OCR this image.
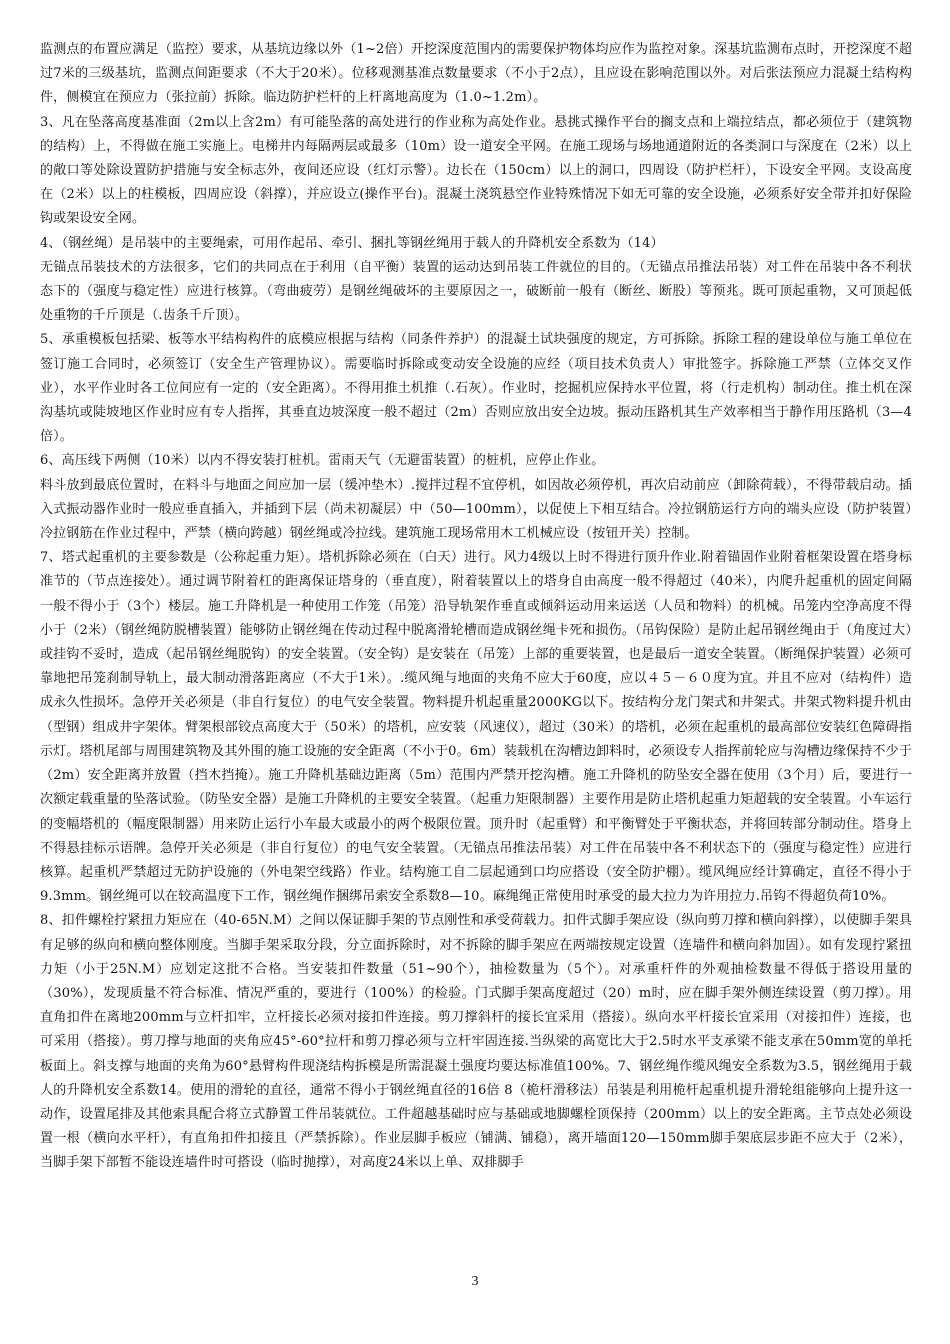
监测点的布置应满足（监控）要求，从基坑边缘以外（1~2倍）开挖深度范围内的需要保护物体均应作为监控对象。深基坑监测布点时，开挖深度不超过7米的三级基坑，监测点间距要求（不大于20米）。位移观测基准点数量要求（不小于2点），且应设在影响范围以外。对后张法预应力混凝土结构构件，侧模宜在预应力（张拉前）拆除。临边防护栏杆的上杆离地高度为（1.0~1.2m）。

3、凡在坠落高度基准面（2m以上含2m）有可能坠落的高处进行的作业称为高处作业。悬挑式操作平台的搁支点和上端拉结点，都必须位于（建筑物的结构）上，不得做在施工实施上。电梯井内每隔两层或最多（10m）设一道安全平网。在施工现场与场地通道附近的各类洞口与深度在（2米）以上的敞口等处除设置防护措施与安全标志外，夜间还应设（红灯示警）。边长在（150cm）以上的洞口，四周设（防护栏杆），下设安全平网。支设高度在（2米）以上的柱模板，四周应设（斜撑），并应设立(操作平台)。混凝土浇筑悬空作业特殊情况下如无可靠的安全设施，必须系好安全带并扣好保险钩或架设安全网。

4、（钢丝绳）是吊装中的主要绳索，可用作起吊、牵引、捆扎等钢丝绳用于载人的升降机安全系数为（14）

无锚点吊装技术的方法很多，它们的共同点在于利用（自平衡）装置的运动达到吊装工件就位的目的。（无锚点吊推法吊装）对工件在吊装中各不利状态下的（强度与稳定性）应进行核算。（弯曲疲劳）是钢丝绳破坏的主要原因之一，破断前一般有（断丝、断股）等预兆。既可顶起重物，又可顶起低处重物的千斤顶是（.齿条千斤顶）。

5、承重模板包括梁、板等水平结构构件的底模应根据与结构（同条件养护）的混凝土试块强度的规定，方可拆除。拆除工程的建设单位与施工单位在签订施工合同时，必须签订（安全生产管理协议）。需要临时拆除或变动安全设施的应经（项目技术负责人）审批签字。拆除施工严禁（立体交叉作业），水平作业时各工位间应有一定的（安全距离）。不得用推土机推（.石灰）。作业时，挖掘机应保持水平位置，将（行走机构）制动住。推土机在深沟基坑或陡坡地区作业时应有专人指挥，其垂直边坡深度一般不超过（2m）否则应放出安全边坡。振动压路机其生产效率相当于静作用压路机（3—4倍）。

6、高压线下两侧（10米）以内不得安装打桩机。雷雨天气（无避雷装置）的桩机，应停止作业。

料斗放到最底位置时，在料斗与地面之间应加一层（缓冲垫木）.搅拌过程不宜停机，如因故必须停机，再次启动前应（卸除荷载），不得带载启动。插入式振动器作业时一般应垂直插入，并插到下层（尚未初凝层）中（50—100mm），以促使上下相互结合。冷拉钢筋运行方向的端头应设（防护装置）冷拉钢筋在作业过程中，严禁（横向跨越）钢丝绳或冷拉线。建筑施工现场常用木工机械应设（按钮开关）控制。

7、塔式起重机的主要参数是（公称起重力矩）。塔机拆除必须在（白天）进行。风力4级以上时不得进行顶升作业.附着锚固作业附着框架设置在塔身标准节的（节点连接处）。通过调节附着杠的距离保证塔身的（垂直度），附着装置以上的塔身自由高度一般不得超过（40米），内爬升起重机的固定间隔一般不得小于（3个）楼层。施工升降机是一种使用工作笼（吊笼）沿导轨架作垂直或倾斜运动用来运送（人员和物料）的机械。吊笼内空净高度不得小于（2米）（钢丝绳防脱槽装置）能够防止钢丝绳在传动过程中脱离滑轮槽而造成钢丝绳卡死和损伤。（吊钩保险）是防止起吊钢丝绳由于（角度过大）或挂钩不妥时，造成（起吊钢丝绳脱钩）的安全装置。（安全钩）是安装在（吊笼）上部的重要装置，也是最后一道安全装置。（断绳保护装置）必须可靠地把吊笼刹制导轨上，最大制动滑落距离应（不大于1米）。.缆风绳与地面的夹角不应大于60度，应以４５－６０度为宜。并且不应对（结构件）造成永久性损坏。急停开关必须是（非自行复位）的电气安全装置。物料提升机起重量2000KG以下。按结构分龙门架式和井架式。井架式物料提升机由（型钢）组成井字架体。臂架根部铰点高度大于（50米）的塔机，应安装（风速仪），超过（30米）的塔机，必须在起重机的最高部位安装红色障碍指示灯。塔机尾部与周围建筑物及其外围的施工设施的安全距离（不小于0。6m）装载机在沟槽边卸料时，必须设专人指挥前轮应与沟槽边缘保持不少于（2m）安全距离并放置（挡木挡掩）。施工升降机基础边距离（5m）范围内严禁开挖沟槽。施工升降机的防坠安全器在使用（3个月）后，要进行一次额定载重量的坠落试验。（防坠安全器）是施工升降机的主要安全装置。（起重力矩限制器）主要作用是防止塔机起重力矩超载的安全装置。小车运行的变幅塔机的（幅度限制器）用来防止运行小车最大或最小的两个极限位置。顶升时（起重臂）和平衡臂处于平衡状态，并将回转部分制动住。塔身上不得悬挂标示语牌。急停开关必须是（非自行复位）的电气安全装置。（无锚点吊推法吊装）对工件在吊装中各不利状态下的（强度与稳定性）应进行核算。起重机严禁超过无防护设施的（外电架空线路）作业。结构施工自二层起通到口均应搭设（安全防护棚）。缆风绳应经计算确定，直径不得小于9.3mm。钢丝绳可以在较高温度下工作，钢丝绳作捆绑吊索安全系数8—10。麻绳绳正常使用时承受的最大拉力为许用拉力.吊钩不得超负荷10%。

8、扣件螺栓拧紧扭力矩应在（40-65N.M）之间以保证脚手架的节点刚性和承受荷载力。扣件式脚手架应设（纵向剪刀撑和横向斜撑），以使脚手架具有足够的纵向和横向整体刚度。当脚手架采取分段，分立面拆除时，对不拆除的脚手架应在两端按规定设置（连墙件和横向斜加固）。如有发现拧紧扭力矩（小于25N.M）应划定这批不合格。当安装扣件数量（51~90个），抽检数量为（5个）。对承重杆件的外观抽检数量不得低于搭设用量的（30%），发现质量不符合标准、情况严重的，要进行（100%）的检验。门式脚手架高度超过（20）m时，应在脚手架外侧连续设置（剪刀撑）。用直角扣件在离地200mm与立杆扣牢，立杆接长必须对接扣件连接。剪刀撑斜杆的接长宜采用（搭接）。纵向水平杆接长宜采用（对接扣件）连接，也可采用（搭接）。剪刀撑与地面的夹角应45°-60°拉杆和剪刀撑必须与立杆牢固连接.当纵梁的高宽比大于2.5时水平支承梁不能支承在50mm宽的单托板面上。斜支撑与地面的夹角为60°悬臂构件现浇结构拆模是所需混凝土强度均要达标准值100%。7、钢丝绳作缆风绳安全系数为3.5，钢丝绳用于载人的升降机安全系数14。使用的滑轮的直径，通常不得小于钢丝绳直径的16倍 8（桅杆滑移法）吊装是利用桅杆起重机提升滑轮组能够向上提升这一动作，设置尾排及其他索具配合将立式静置工件吊装就位。工件超越基础时应与基础或地脚螺栓顶保持（200mm）以上的安全距离。主节点处必须设置一根（横向水平杆），有直角扣件扣接且（严禁拆除）。作业层脚手板应（铺满、铺稳），离开墙面120—150mm脚手架底层步距不应大于（2米），当脚手架下部暂不能设连墙件时可搭设（临时抛撑），对高度24米以上单、双排脚手

3
